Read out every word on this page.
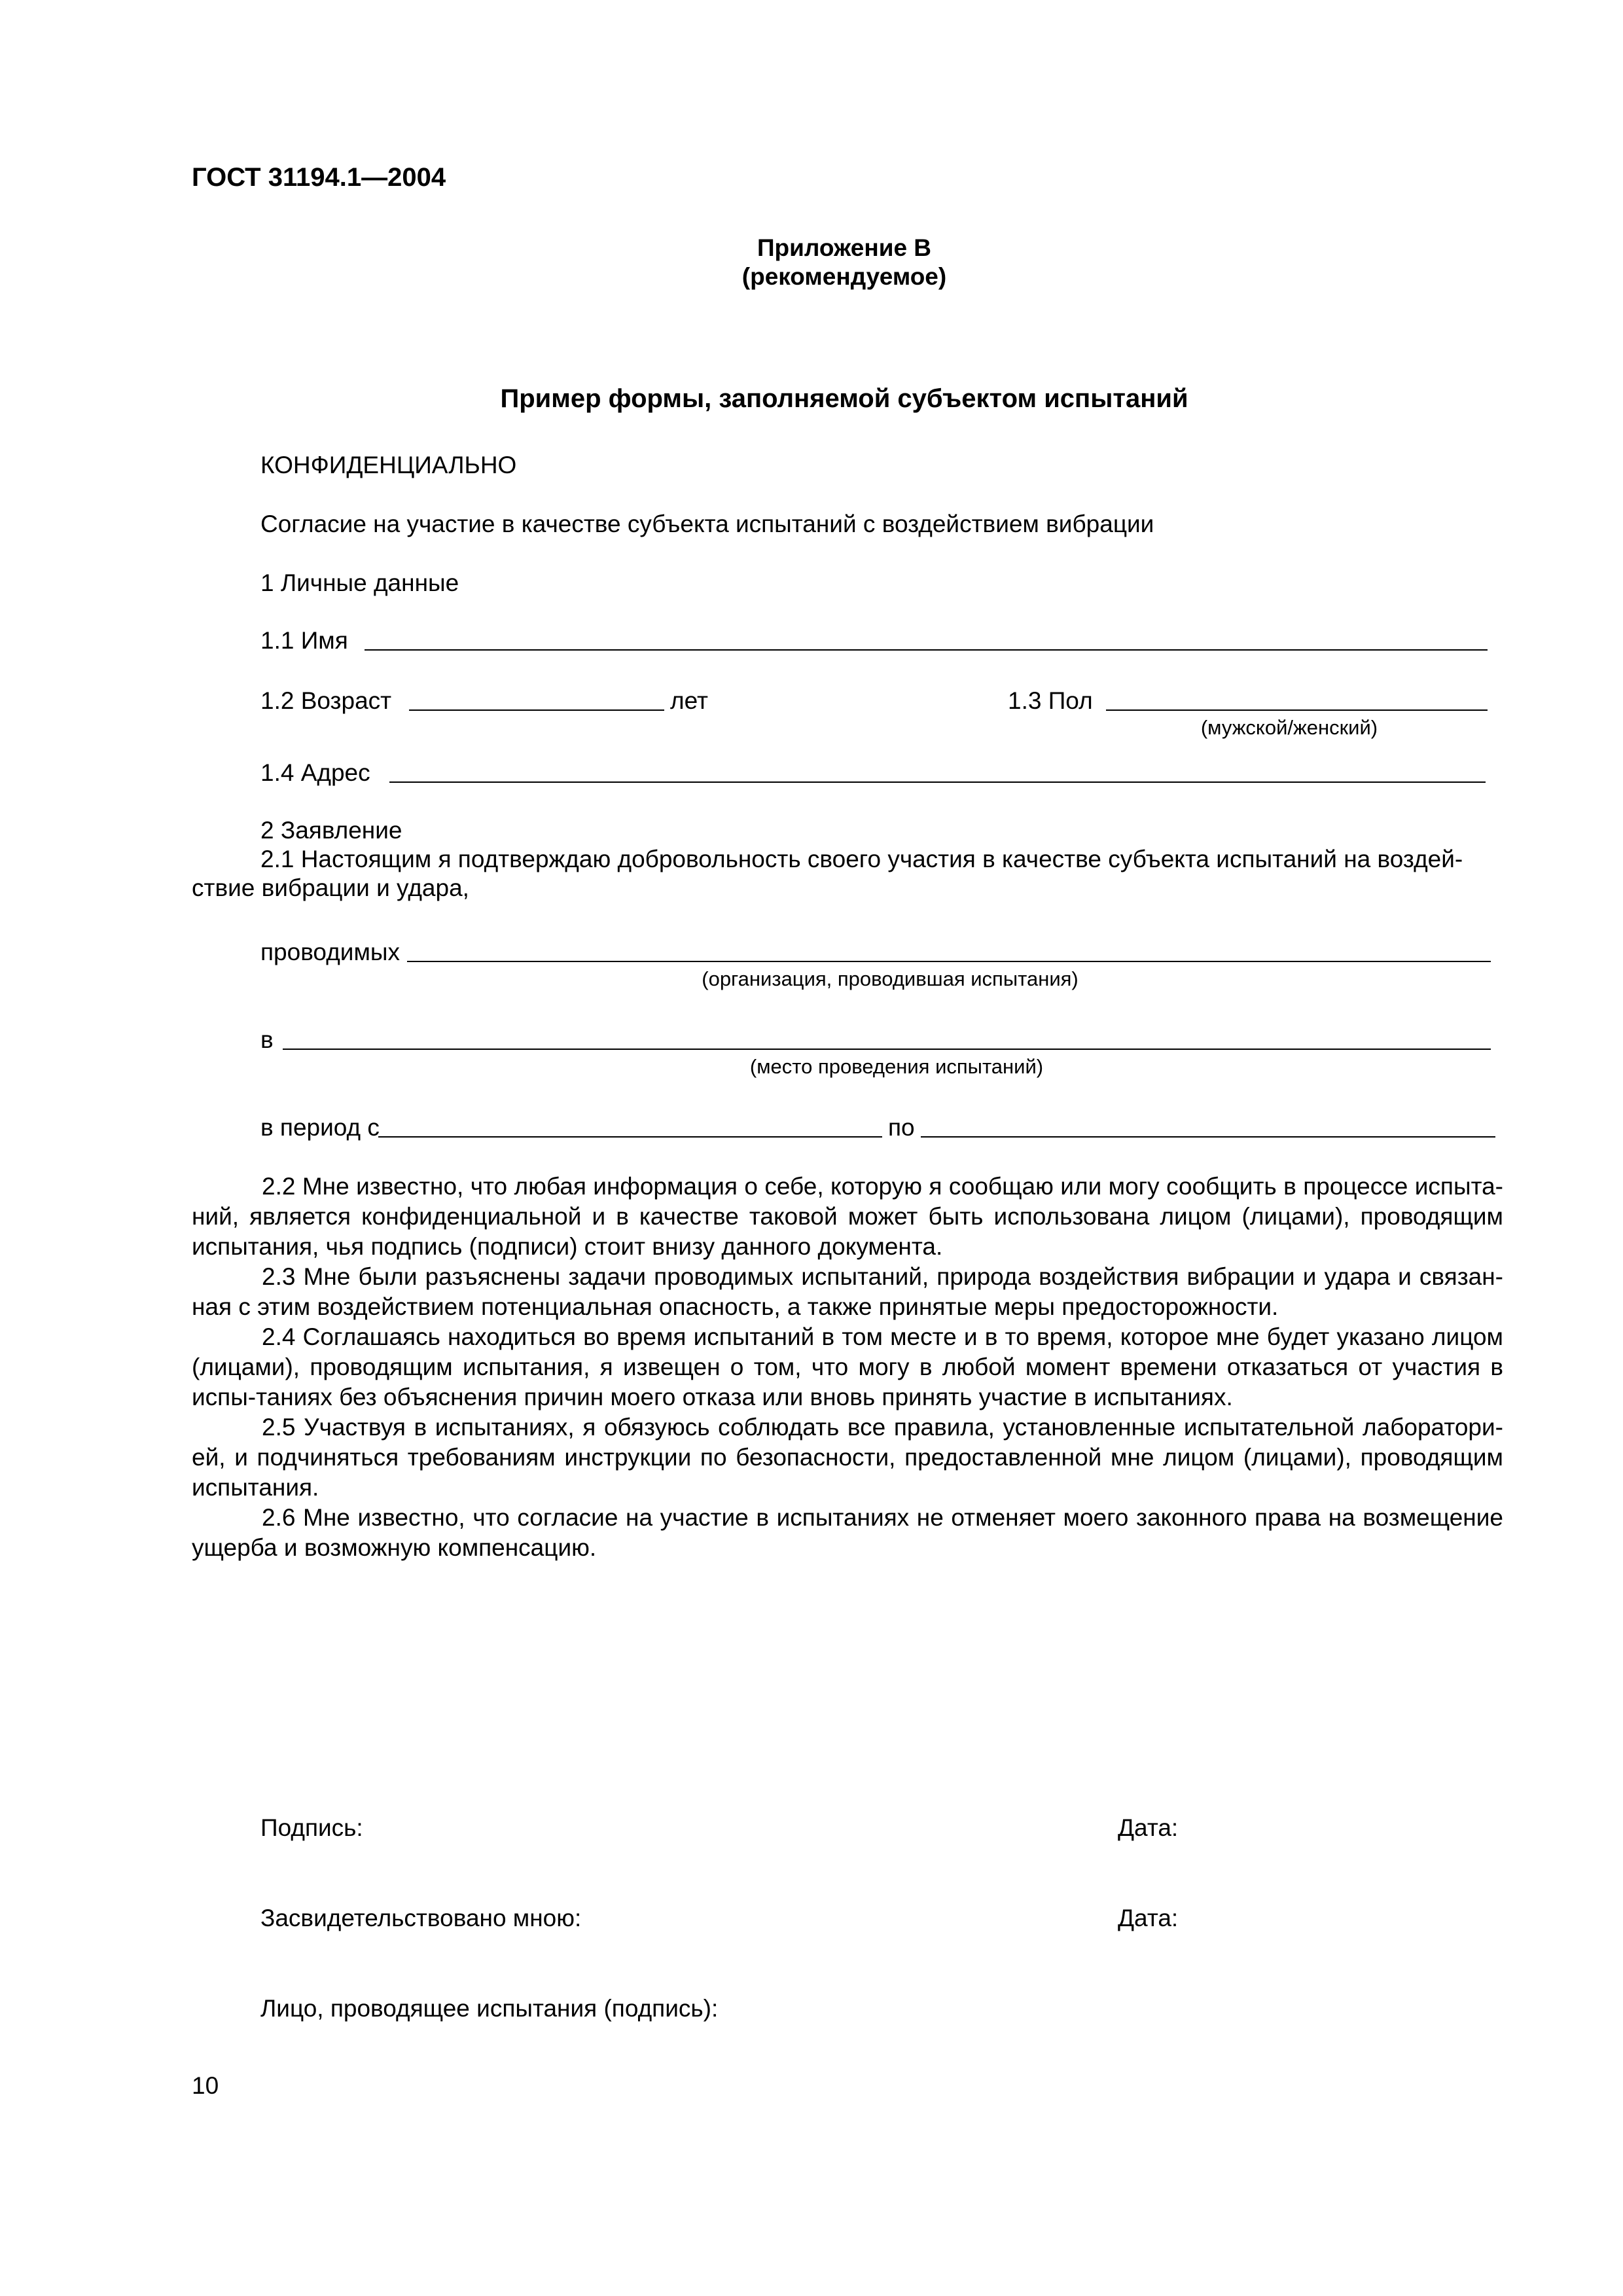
ГОСТ 31194.1—2004
Приложение В
(рекомендуемое)
Пример формы, заполняемой субъектом испытаний
КОНФИДЕНЦИАЛЬНО
Согласие на участие в качестве субъекта испытаний с воздействием вибрации
1 Личные данные
1.1 Имя
1.2 Возраст	лет	1.3 Пол
(мужской/женский)
1.4 Адрес
2 Заявление
2.1 Настоящим я подтверждаю добровольность своего участия в качестве субъекта испытаний на воздей-
ствие вибрации и удара,
проводимых
(организация, проводившая испытания)
в
(место проведения испытаний)
в период с	по
2.2 Мне известно, что любая информация о себе, которую я сообщаю или могу сообщить в процессе испыта-ний, является конфиденциальной и в качестве таковой может быть использована лицом (лицами), проводящим испытания, чья подпись (подписи) стоит внизу данного документа.
2.3 Мне были разъяснены задачи проводимых испытаний, природа воздействия вибрации и удара и связан-ная с этим воздействием потенциальная опасность, а также принятые меры предосторожности.
2.4 Соглашаясь находиться во время испытаний в том месте и в то время, которое мне будет указано лицом (лицами), проводящим испытания, я извещен о том, что могу в любой момент времени отказаться от участия в испы-таниях без объяснения причин моего отказа или вновь принять участие в испытаниях.
2.5 Участвуя в испытаниях, я обязуюсь соблюдать все правила, установленные испытательной лаборатори-ей, и подчиняться требованиям инструкции по безопасности, предоставленной мне лицом (лицами), проводящим испытания.
2.6 Мне известно, что согласие на участие в испытаниях не отменяет моего законного права на возмещение ущерба и возможную компенсацию.
Подпись:	Дата:
Засвидетельствовано мною:	Дата:
Лицо, проводящее испытания (подпись):
10
